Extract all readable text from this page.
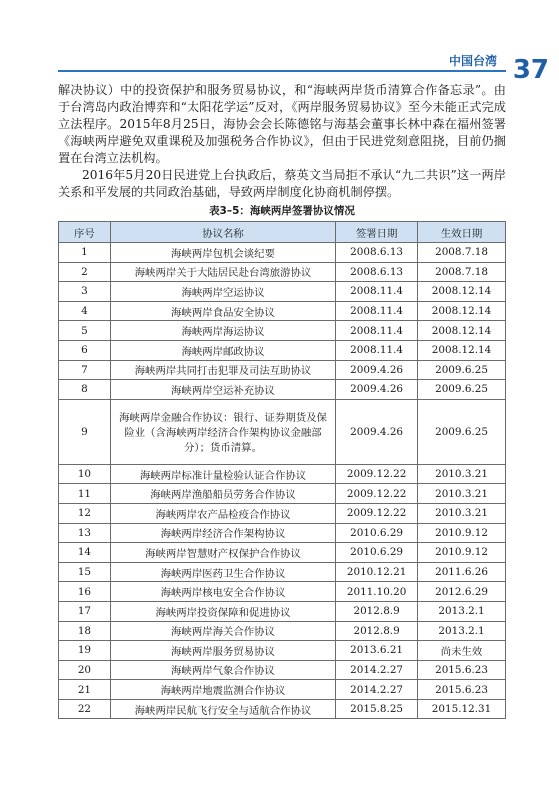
中国台湾 37

解决协议）中的投资保护和服务贸易协议，和“海峡两岸货币清算合作备忘录”。由于台湾岛内政治博弈和“太阳花学运”反对，《两岸服务贸易协议》至今未能正式完成立法程序。2015年8月25日，海协会会长陈德铭与海基会董事长林中森在福州签署《海峡两岸避免双重课税及加强税务合作协议》，但由于民进党刻意阻挠，目前仍搁置在台湾立法机构。

2016年5月20日民进党上台执政后，蔡英文当局拒不承认“九二共识”这一两岸关系和平发展的共同政治基础，导致两岸制度化协商机制停摆。

表3–5：海峡两岸签署协议情况
序号	协议名称	签署日期	生效日期
1	海峡两岸包机会谈纪要	2008.6.13	2008.7.18
2	海峡两岸关于大陆居民赴台湾旅游协议	2008.6.13	2008.7.18
3	海峡两岸空运协议	2008.11.4	2008.12.14
4	海峡两岸食品安全协议	2008.11.4	2008.12.14
5	海峡两岸海运协议	2008.11.4	2008.12.14
6	海峡两岸邮政协议	2008.11.4	2008.12.14
7	海峡两岸共同打击犯罪及司法互助协议	2009.4.26	2009.6.25
8	海峡两岸空运补充协议	2009.4.26	2009.6.25
9	海峡两岸金融合作协议：银行、证券期货及保险业（含海峡两岸经济合作架构协议金融部分）；货币清算。	2009.4.26	2009.6.25
10	海峡两岸标准计量检验认证合作协议	2009.12.22	2010.3.21
11	海峡两岸渔船船员劳务合作协议	2009.12.22	2010.3.21
12	海峡两岸农产品检疫合作协议	2009.12.22	2010.3.21
13	海峡两岸经济合作架构协议	2010.6.29	2010.9.12
14	海峡两岸智慧财产权保护合作协议	2010.6.29	2010.9.12
15	海峡两岸医药卫生合作协议	2010.12.21	2011.6.26
16	海峡两岸核电安全合作协议	2011.10.20	2012.6.29
17	海峡两岸投资保障和促进协议	2012.8.9	2013.2.1
18	海峡两岸海关合作协议	2012.8.9	2013.2.1
19	海峡两岸服务贸易协议	2013.6.21	尚未生效
20	海峡两岸气象合作协议	2014.2.27	2015.6.23
21	海峡两岸地震监测合作协议	2014.2.27	2015.6.23
22	海峡两岸民航飞行安全与适航合作协议	2015.8.25	2015.12.31
